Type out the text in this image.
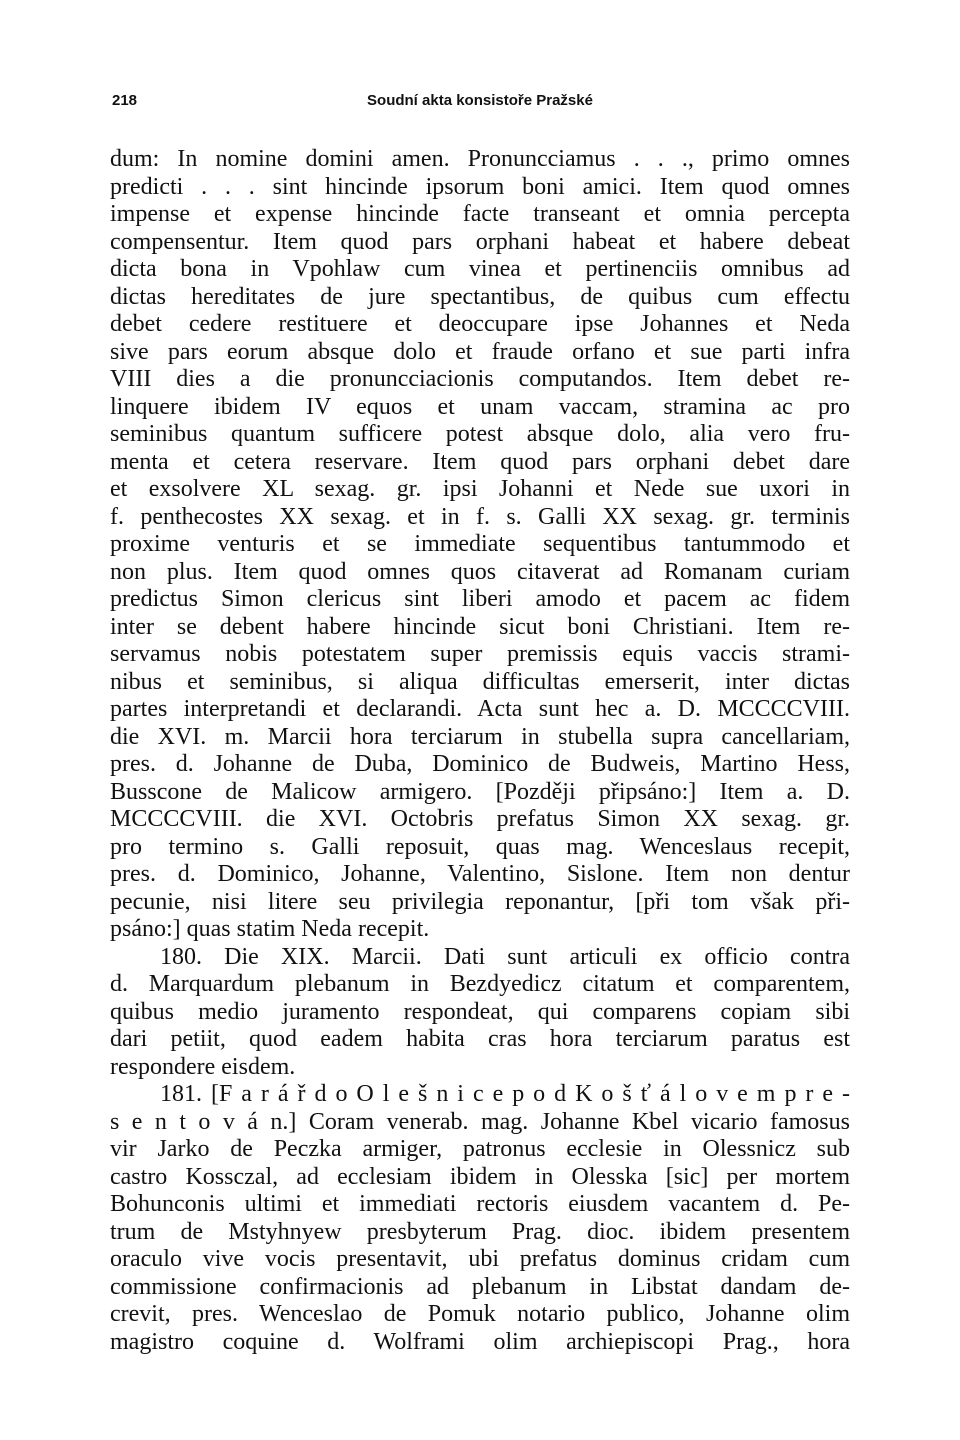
218	Soudní akta konsistoře Pražské
dum: In nomine domini amen. Pronuncciamus . . ., primo omnes
predicti . . . sint hincinde ipsorum boni amici. Item quod omnes
impense et expense hincinde facte transeant et omnia percepta
compensentur. Item quod pars orphani habeat et habere debeat
dicta bona in Vpohlaw cum vinea et pertinenciis omnibus ad
dictas hereditates de jure spectantibus, de quibus cum effectu
debet cedere restituere et deoccupare ipse Johannes et Neda
sive pars eorum absque dolo et fraude orfano et sue parti infra
VIII dies a die pronuncciacionis computandos. Item debet re-
linquere ibidem IV equos et unam vaccam, stramina ac pro
seminibus quantum sufficere potest absque dolo, alia vero fru-
menta et cetera reservare. Item quod pars orphani debet dare
et exsolvere XL sexag. gr. ipsi Johanni et Nede sue uxori in
f. penthecostes XX sexag. et in f. s. Galli XX sexag. gr. terminis
proxime venturis et se immediate sequentibus tantummodo et
non plus. Item quod omnes quos citaverat ad Romanam curiam
predictus Simon clericus sint liberi amodo et pacem ac fidem
inter se debent habere hincinde sicut boni Christiani. Item re-
servamus nobis potestatem super premissis equis vaccis strami-
nibus et seminibus, si aliqua difficultas emerserit, inter dictas
partes interpretandi et declarandi. Acta sunt hec a. D. MCCCCVIII.
die XVI. m. Marcii hora terciarum in stubella supra cancellariam,
pres. d. Johanne de Duba, Dominico de Budweis, Martino Hess,
Busscone de Malicow armigero. [Později připsáno:] Item a. D.
MCCCCVIII. die XVI. Octobris prefatus Simon XX sexag. gr.
pro termino s. Galli reposuit, quas mag. Wenceslaus recepit,
pres. d. Dominico, Johanne, Valentino, Sislone. Item non dentur
pecunie, nisi litere seu privilegia reponantur, [při tom však při-
psáno:] quas statim Neda recepit.
180. Die XIX. Marcii. Dati sunt articuli ex officio contra
d. Marquardum plebanum in Bezdyedicz citatum et comparentem,
quibus medio juramento respondeat, qui comparens copiam sibi
dari petiit, quod eadem habita cras hora terciarum paratus est
respondere eisdem.
181. [F a r á ř d o O l e š n i c e p o d K o š ť á l o v e m p r e -
s e n t o v á n.] Coram venerab. mag. Johanne Kbel vicario famosus
vir Jarko de Peczka armiger, patronus ecclesie in Olessnicz sub
castro Kossczal, ad ecclesiam ibidem in Olesska [sic] per mortem
Bohunconis ultimi et immediati rectoris eiusdem vacantem d. Pe-
trum de Mstyhnyew presbyterum Prag. dioc. ibidem presentem
oraculo vive vocis presentavit, ubi prefatus dominus cridam cum
commissione confirmacionis ad plebanum in Libstat dandam de-
crevit, pres. Wenceslao de Pomuk notario publico, Johanne olim
magistro coquine d. Wolframi olim archiepiscopi Prag., hora
